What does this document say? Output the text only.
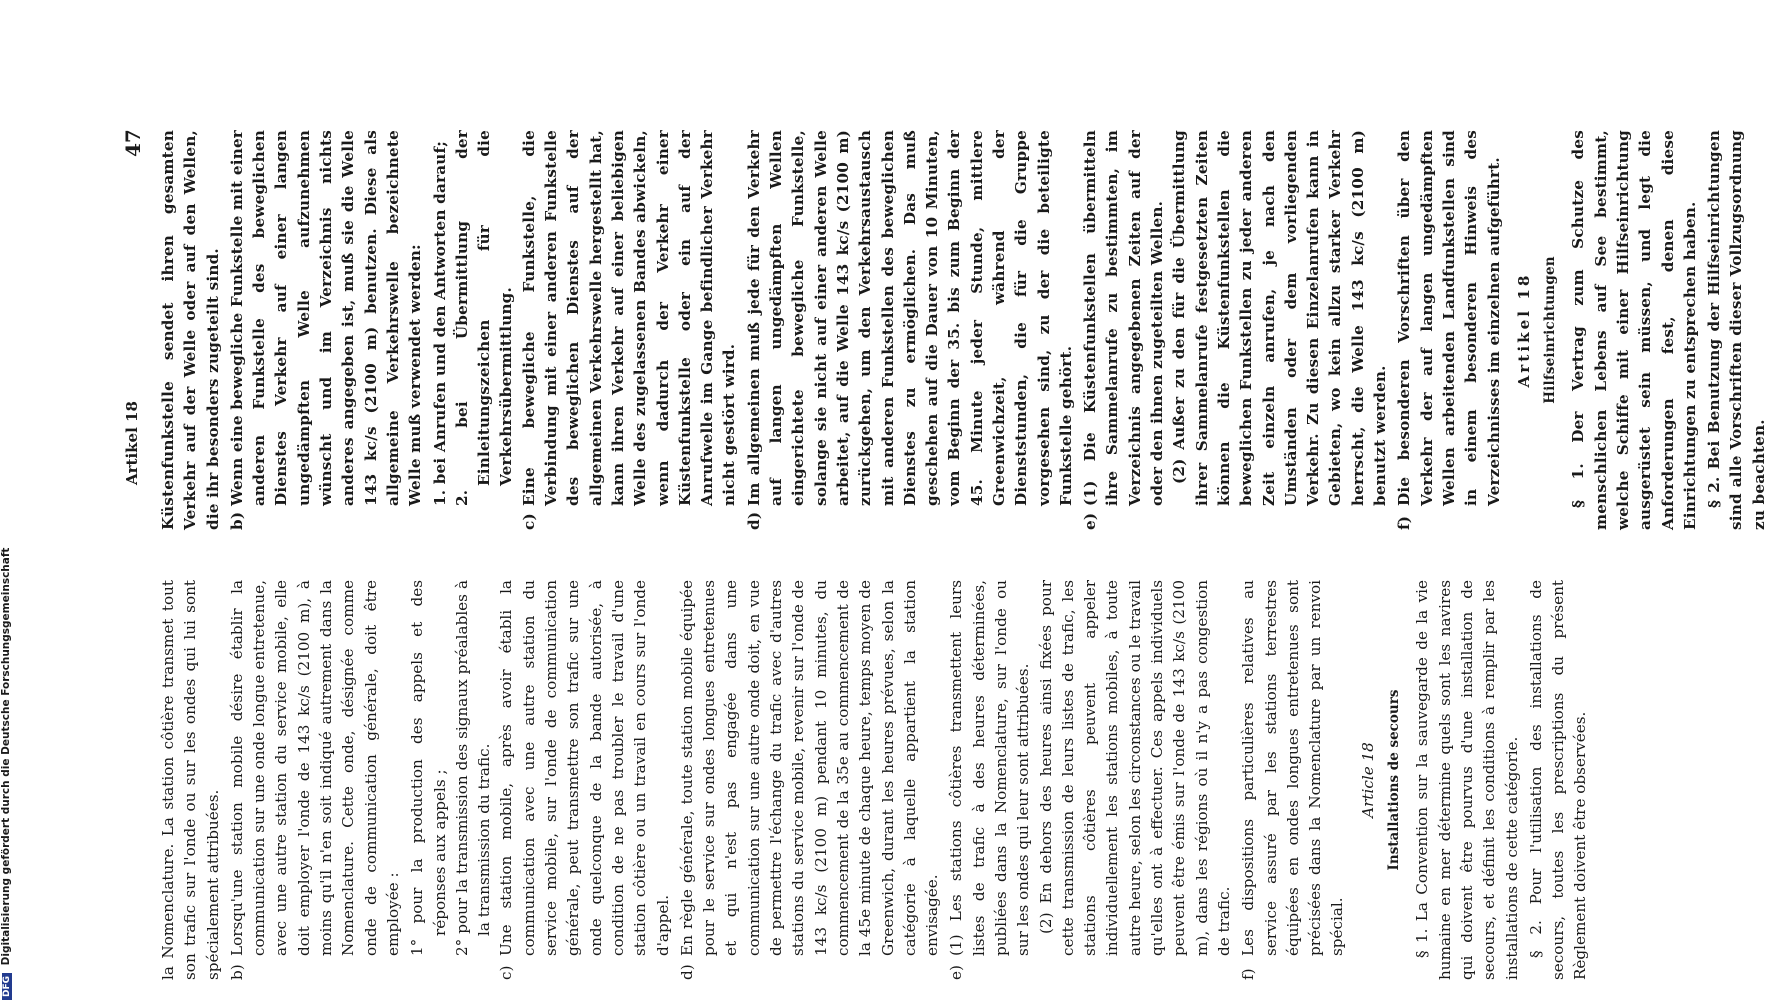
Artikel 18
47

la Nomenclature. La station côtière transmet tout son trafic sur l'onde ou sur les ondes qui lui sont spécialement attribuées. b)
Lorsqu'une station mobile désire établir la communication sur une onde longue entretenue, avec une autre station du service mobile, elle doit employer l'onde de 143 kc/s (2100 m), à moins qu'il n'en soit indiqué autrement dans la Nomenclature. Cette onde, désignée comme onde de communication générale, doit être employée : 1° pour la production des appels et des réponses aux appels ; 2° pour la transmission des signaux préalables à la transmission du trafic.

c)
Une station mobile, après avoir établi la communication avec une autre station du service mobile, sur l'onde de communication générale, peut transmettre son trafic sur une onde quelconque de la bande autorisée, à condition de ne pas troubler le travail d'une station côtière ou un travail en cours sur l'onde d'appel.
d)
En règle générale, toute station mobile équipée pour le service sur ondes longues entretenues et qui n'est pas engagée dans une communication sur une autre onde doit, en vue de permettre l'échange du trafic avec d'autres stations du service mobile, revenir sur l'onde de 143 kc/s (2100 m) pendant 10 minutes, du commencement de la 35e au commencement de la 45e minute de chaque heure, temps moyen de Greenwich, durant les heures prévues, selon la catégorie à laquelle appartient la station envisagée.
e)
(1) Les stations côtières transmettent leurs listes de trafic à des heures déterminées, publiées dans la Nomenclature, sur l'onde ou sur les ondes qui leur sont attribuées. (2) En dehors des heures ainsi fixées pour cette transmission de leurs listes de trafic, les stations côtières peuvent appeler individuellement les stations mobiles, à toute autre heure, selon les circonstances ou le travail qu'elles ont à effectuer. Ces appels individuels peuvent être émis sur l'onde de 143 kc/s (2100 m), dans les régions où il n'y a pas congestion de trafic.
f)
Les dispositions particulières relatives au service assuré par les stations terrestres équipées en ondes longues entretenues sont précisées dans la Nomenclature par un renvoi spécial.
Article 18 Installations de secours § 1. La Convention sur la sauvegarde de la vie humaine en mer détermine quels sont les navires qui doivent être pourvus d'une installation de secours, et définit les conditions à remplir par les installations de cette catégorie. § 2. Pour l'utilisation des installations de secours, toutes les prescriptions du présent Règlement doivent être observées.

Küstenfunkstelle sendet ihren gesamten Verkehr auf der Welle oder auf den Wellen, die ihr besonders zugeteilt sind. b)
Wenn eine bewegliche Funkstelle mit einer anderen Funkstelle des beweglichen Dienstes Verkehr auf einer langen ungedämpften Welle aufzunehmen wünscht und im Verzeichnis nichts anderes angegeben ist, muß sie die Welle 143 kc/s (2100 m) benutzen. Diese als allgemeine Verkehrswelle bezeichnete Welle muß verwendet werden: 1. bei Anrufen und den Antworten darauf; 2. bei Übermittlung der Einleitungszeichen für die Verkehrsübermittlung.

c)
Eine bewegliche Funkstelle, die Verbindung mit einer anderen Funkstelle des beweglichen Dienstes auf der allgemeinen Verkehrswelle hergestellt hat, kann ihren Verkehr auf einer beliebigen Welle des zugelassenen Bandes abwickeln, wenn dadurch der Verkehr einer Küstenfunkstelle oder ein auf der Anrufwelle im Gange befindlicher Verkehr nicht gestört wird.
d)
Im allgemeinen muß jede für den Verkehr auf langen ungedämpften Wellen eingerichtete bewegliche Funkstelle, solange sie nicht auf einer anderen Welle arbeitet, auf die Welle 143 kc/s (2100 m) zurückgehen, um den Verkehrsaustausch mit anderen Funkstellen des beweglichen Dienstes zu ermöglichen. Das muß geschehen auf die Dauer von 10 Minuten, vom Beginn der 35. bis zum Beginn der 45. Minute jeder Stunde, mittlere Greenwichzeit, während der Dienststunden, die für die Gruppe vorgesehen sind, zu der die beteiligte Funkstelle gehört.
e)
(1) Die Küstenfunkstellen übermitteln ihre Sammelanrufe zu bestimmten, im Verzeichnis angegebenen Zeiten auf der oder den ihnen zugeteilten Wellen. (2) Außer zu den für die Übermittlung ihrer Sammelanrufe festgesetzten Zeiten können die Küstenfunkstellen die beweglichen Funkstellen zu jeder anderen Zeit einzeln anrufen, je nach den Umständen oder dem vorliegenden Verkehr. Zu diesen Einzelanrufen kann in Gebieten, wo kein allzu starker Verkehr herrscht, die Welle 143 kc/s (2100 m) benutzt werden.
f)
Die besonderen Vorschriften über den Verkehr der auf langen ungedämpften Wellen arbeitenden Landfunkstellen sind in einem besonderen Hinweis des Verzeichnisses im einzelnen aufgeführt. Artikel 18 Hilfseinrichtungen § 1. Der Vertrag zum Schutze des menschlichen Lebens auf See bestimmt, welche Schiffe mit einer Hilfseinrichtung ausgerüstet sein müssen, und legt die Anforderungen fest, denen diese Einrichtungen zu entsprechen haben. § 2. Bei Benutzung der Hilfseinrichtungen sind alle Vorschriften dieser Vollzugsordnung zu beachten.

DFG Digitalisierung gefördert durch die Deutsche Forschungsgemeinschaft
